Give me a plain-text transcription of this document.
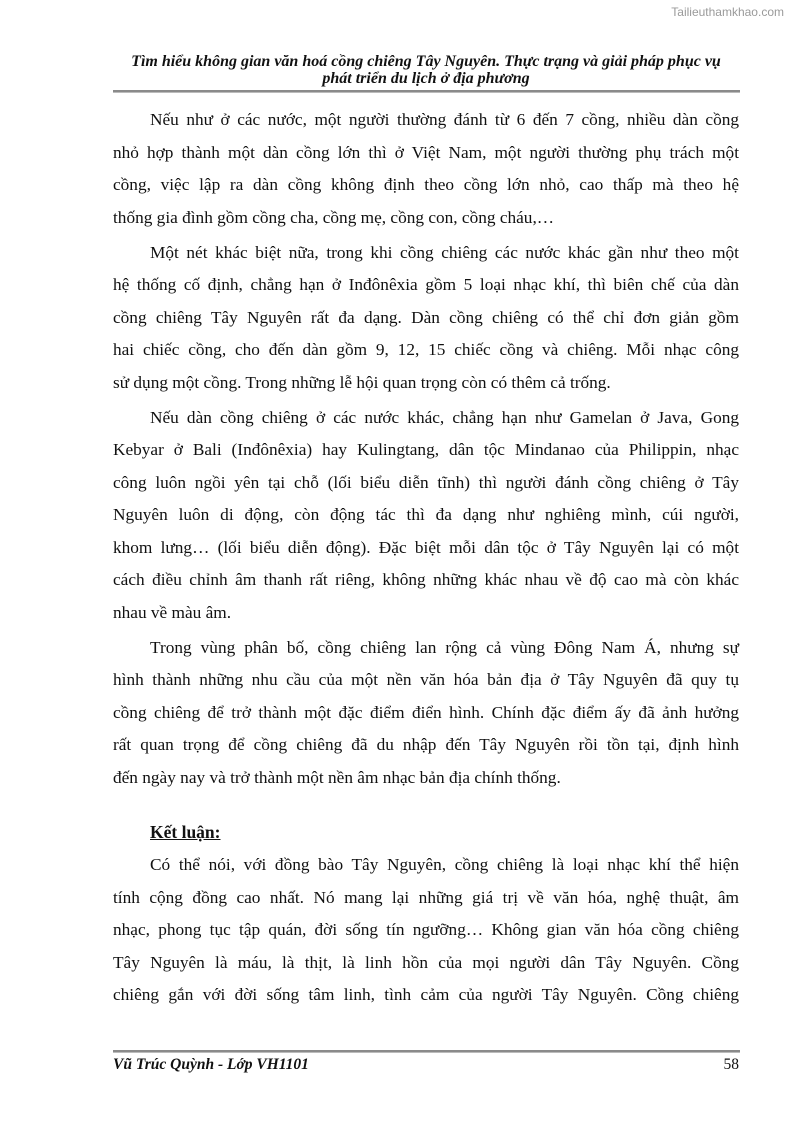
Tailieuthamkhao.com
Tìm hiểu không gian văn hoá cồng chiêng Tây Nguyên. Thực trạng và giải pháp phục vụ
phát triển du lịch ở địa phương
Nếu như ở các nước, một người thường đánh từ 6 đến 7 cồng, nhiều dàn cồng
nhỏ hợp thành một dàn cồng lớn thì ở Việt Nam, một người thường phụ trách một
cồng, việc lập ra dàn cồng không định theo cồng lớn nhỏ, cao thấp mà theo hệ
thống gia đình gồm cồng cha, cồng mẹ, cồng con, cồng cháu,…
Một nét khác biệt nữa, trong khi cồng chiêng các nước khác gần như theo một
hệ thống cố định, chẳng hạn ở Inđônêxia gồm 5 loại nhạc khí, thì biên chế của dàn
cồng chiêng Tây Nguyên rất đa dạng. Dàn cồng chiêng có thể chỉ đơn giản gồm
hai chiếc cồng, cho đến dàn gồm 9, 12, 15 chiếc cồng và chiêng. Mỗi nhạc công
sử dụng một cồng. Trong những lễ hội quan trọng còn có thêm cả trống.
Nếu dàn cồng chiêng ở các nước khác, chẳng hạn như Gamelan ở Java, Gong
Kebyar ở Bali (Inđônêxia) hay Kulingtang, dân tộc Mindanao của Philippin, nhạc
công luôn ngồi yên tại chỗ (lối biểu diễn tĩnh) thì người đánh cồng chiêng ở Tây
Nguyên luôn di động, còn động tác thì đa dạng như nghiêng mình, cúi người,
khom lưng… (lối biểu diễn động). Đặc biệt mỗi dân tộc ở Tây Nguyên lại có một
cách điều chỉnh âm thanh rất riêng, không những khác nhau về độ cao mà còn khác
nhau về màu âm.
Trong vùng phân bố, cồng chiêng lan rộng cả vùng Đông Nam Á, nhưng sự
hình thành những nhu cầu của một nền văn hóa bản địa ở Tây Nguyên đã quy tụ
cồng chiêng để trở thành một đặc điểm điển hình. Chính đặc điểm ấy đã ảnh hưởng
rất quan trọng để cồng chiêng đã du nhập đến Tây Nguyên rồi tồn tại, định hình
đến ngày nay và trở thành một nền âm nhạc bản địa chính thống.
Kết luận:
Có thể nói, với đồng bào Tây Nguyên, cồng chiêng là loại nhạc khí thể hiện
tính cộng đồng cao nhất. Nó mang lại những giá trị về văn hóa, nghệ thuật, âm
nhạc, phong tục tập quán, đời sống tín ngưỡng… Không gian văn hóa cồng chiêng
Tây Nguyên là máu, là thịt, là linh hồn của mọi người dân Tây Nguyên. Cồng
chiêng gắn với đời sống tâm linh, tình cảm của người Tây Nguyên. Cồng chiêng
Vũ Trúc Quỳnh - Lớp VH1101	58
